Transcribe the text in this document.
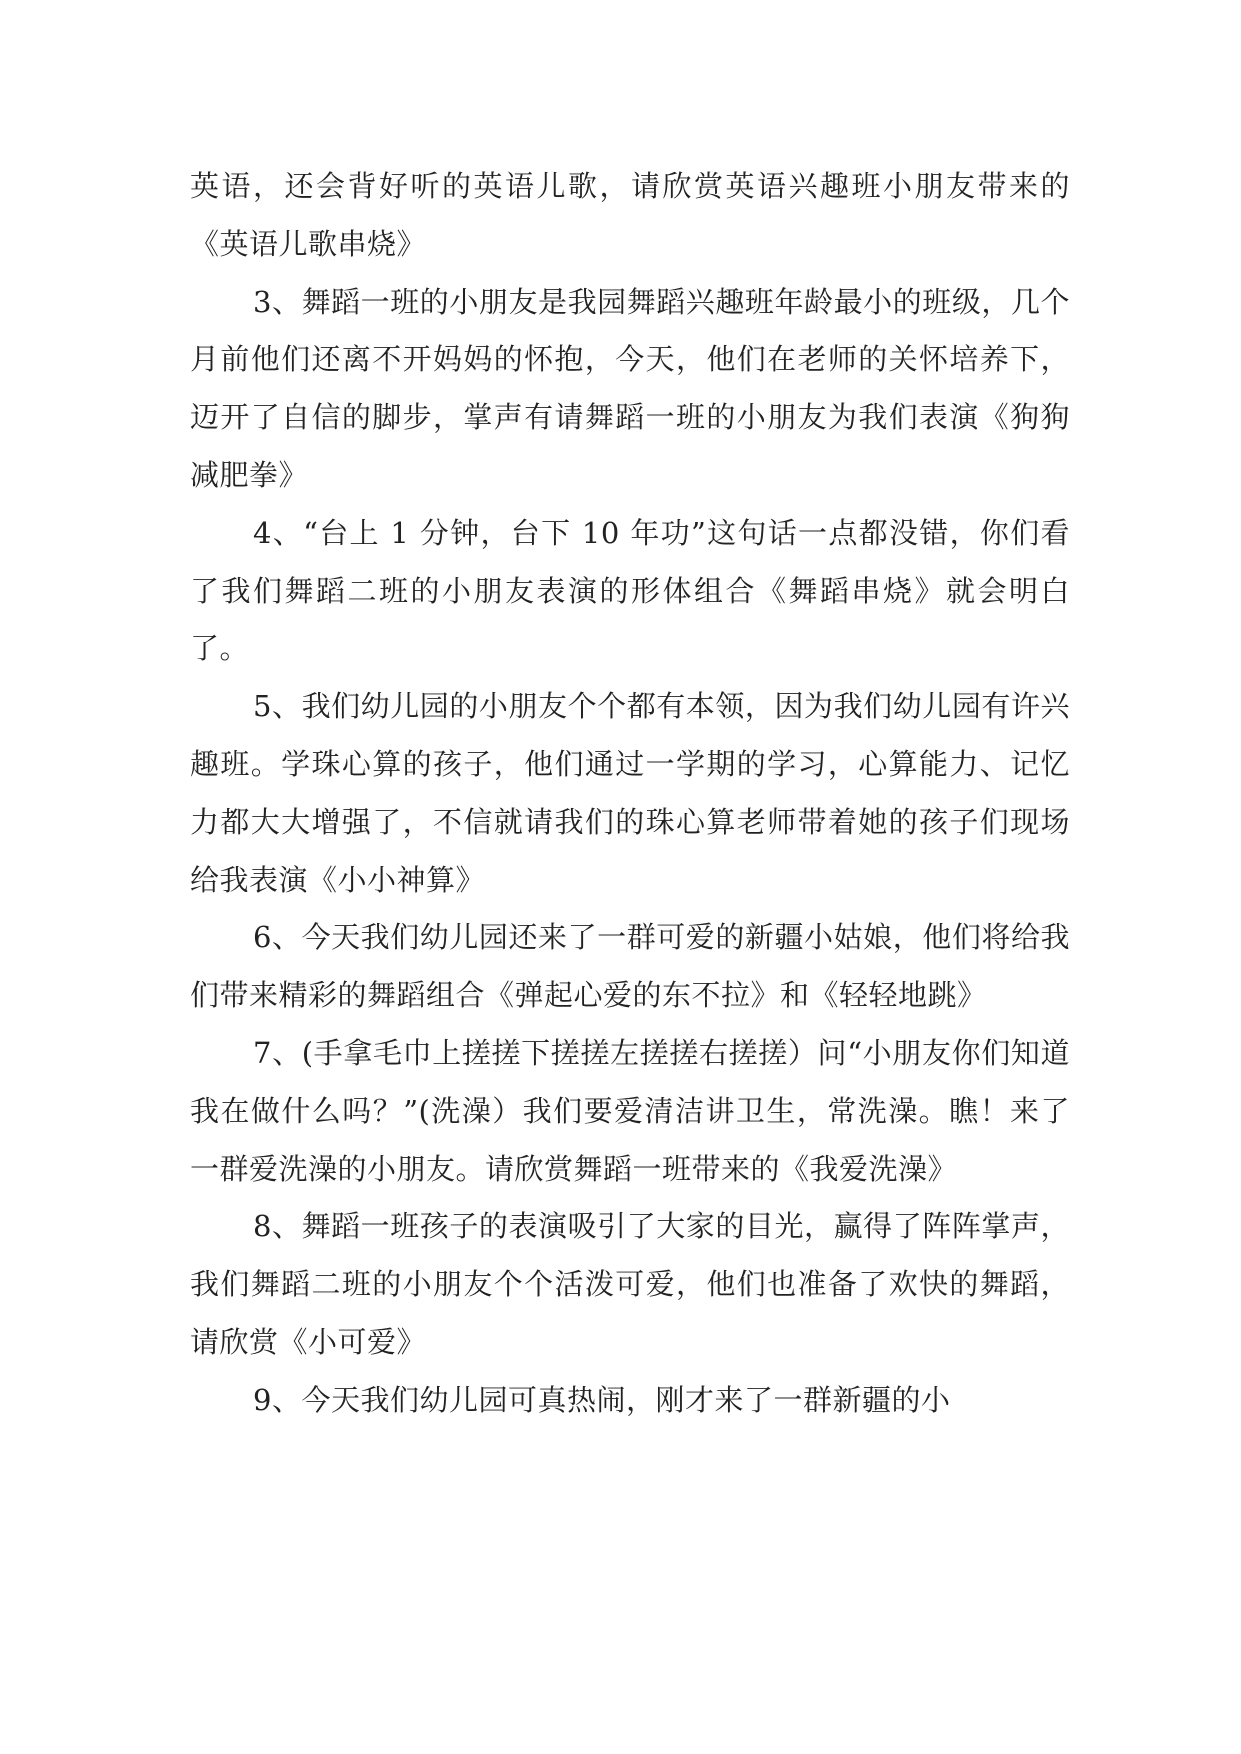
英语，还会背好听的英语儿歌，请欣赏英语兴趣班小朋友带来的《英语儿歌串烧》

3、舞蹈一班的小朋友是我园舞蹈兴趣班年龄最小的班级，几个月前他们还离不开妈妈的怀抱，今天，他们在老师的关怀培养下，迈开了自信的脚步，掌声有请舞蹈一班的小朋友为我们表演《狗狗减肥拳》

4、“台上 1 分钟，台下 10 年功”这句话一点都没错，你们看了我们舞蹈二班的小朋友表演的形体组合《舞蹈串烧》就会明白了。

5、我们幼儿园的小朋友个个都有本领，因为我们幼儿园有许兴趣班。学珠心算的孩子，他们通过一学期的学习，心算能力、记忆力都大大增强了，不信就请我们的珠心算老师带着她的孩子们现场给我表演《小小神算》

6、今天我们幼儿园还来了一群可爱的新疆小姑娘，他们将给我们带来精彩的舞蹈组合《弹起心爱的东不拉》和《轻轻地跳》

7、(手拿毛巾上搓搓下搓搓左搓搓右搓搓）问“小朋友你们知道我在做什么吗？”(洗澡）我们要爱清洁讲卫生，常洗澡。瞧！来了一群爱洗澡的小朋友。请欣赏舞蹈一班带来的《我爱洗澡》

8、舞蹈一班孩子的表演吸引了大家的目光，赢得了阵阵掌声，我们舞蹈二班的小朋友个个活泼可爱，他们也准备了欢快的舞蹈，请欣赏《小可爱》

9、今天我们幼儿园可真热闹，刚才来了一群新疆的小
